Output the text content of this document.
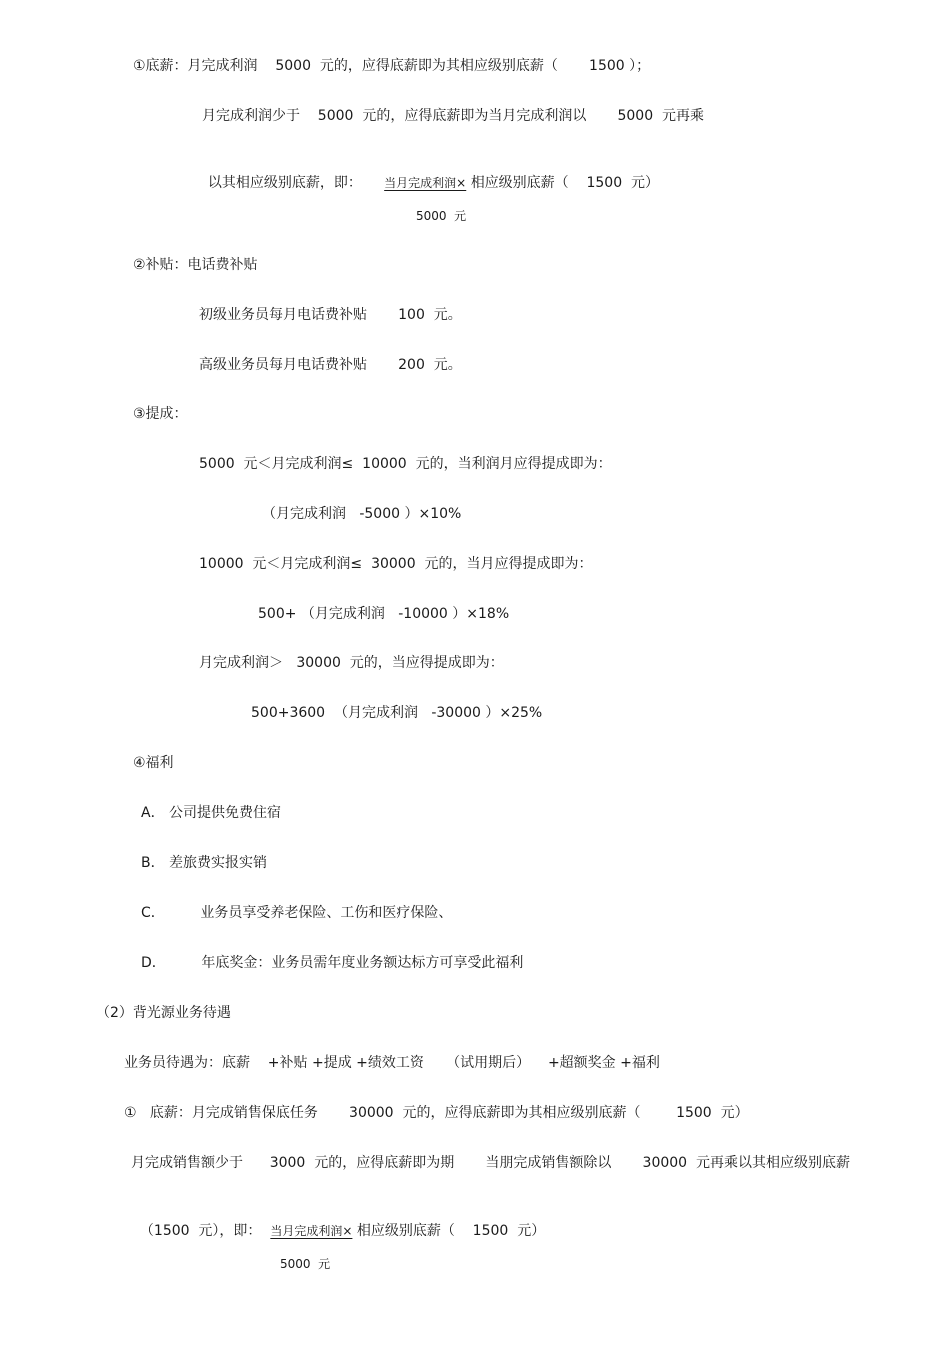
①底薪：月完成利润    5000  元的，应得底薪即为其相应级别底薪（       1500 ）；
月完成利润少于    5000  元的，应得底薪即为当月完成利润以       5000  元再乘

以其相应级别底薪，即： 当月完成利润× 相应级别底薪（    1500  元）

5000  元
②补贴：电话费补贴
初级业务员每月电话费补贴       100  元。
高级业务员每月电话费补贴       200  元。
③提成：
5000  元＜月完成利润≤  10000  元的，当利润月应得提成即为：
（月完成利润   -5000 ）×10%
10000  元＜月完成利润≤  30000  元的，当月应得提成即为：
500+ （月完成利润   -10000 ）×18%
月完成利润＞   30000  元的，当应得提成即为：
500+3600  （月完成利润   -30000 ）×25%
④福利
A． 公司提供免费住宿
B． 差旅费实报实销
C．        业务员享受养老保险、工伤和医疗保险、
D．        年底奖金：业务员需年度业务额达标方可享受此福利
（2）背光源业务待遇
业务员待遇为：底薪    +补贴 +提成 +绩效工资     （试用期后）    +超额奖金 +福利
①   底薪：月完成销售保底任务       30000  元的，应得底薪即为其相应级别底薪（        1500  元）
月完成销售额少于      3000  元的，应得底薪即为期       当朋完成销售额除以       30000  元再乘以其相应级别底薪

（1500  元），即： 当月完成利润× 相应级别底薪（    1500  元）

5000  元
